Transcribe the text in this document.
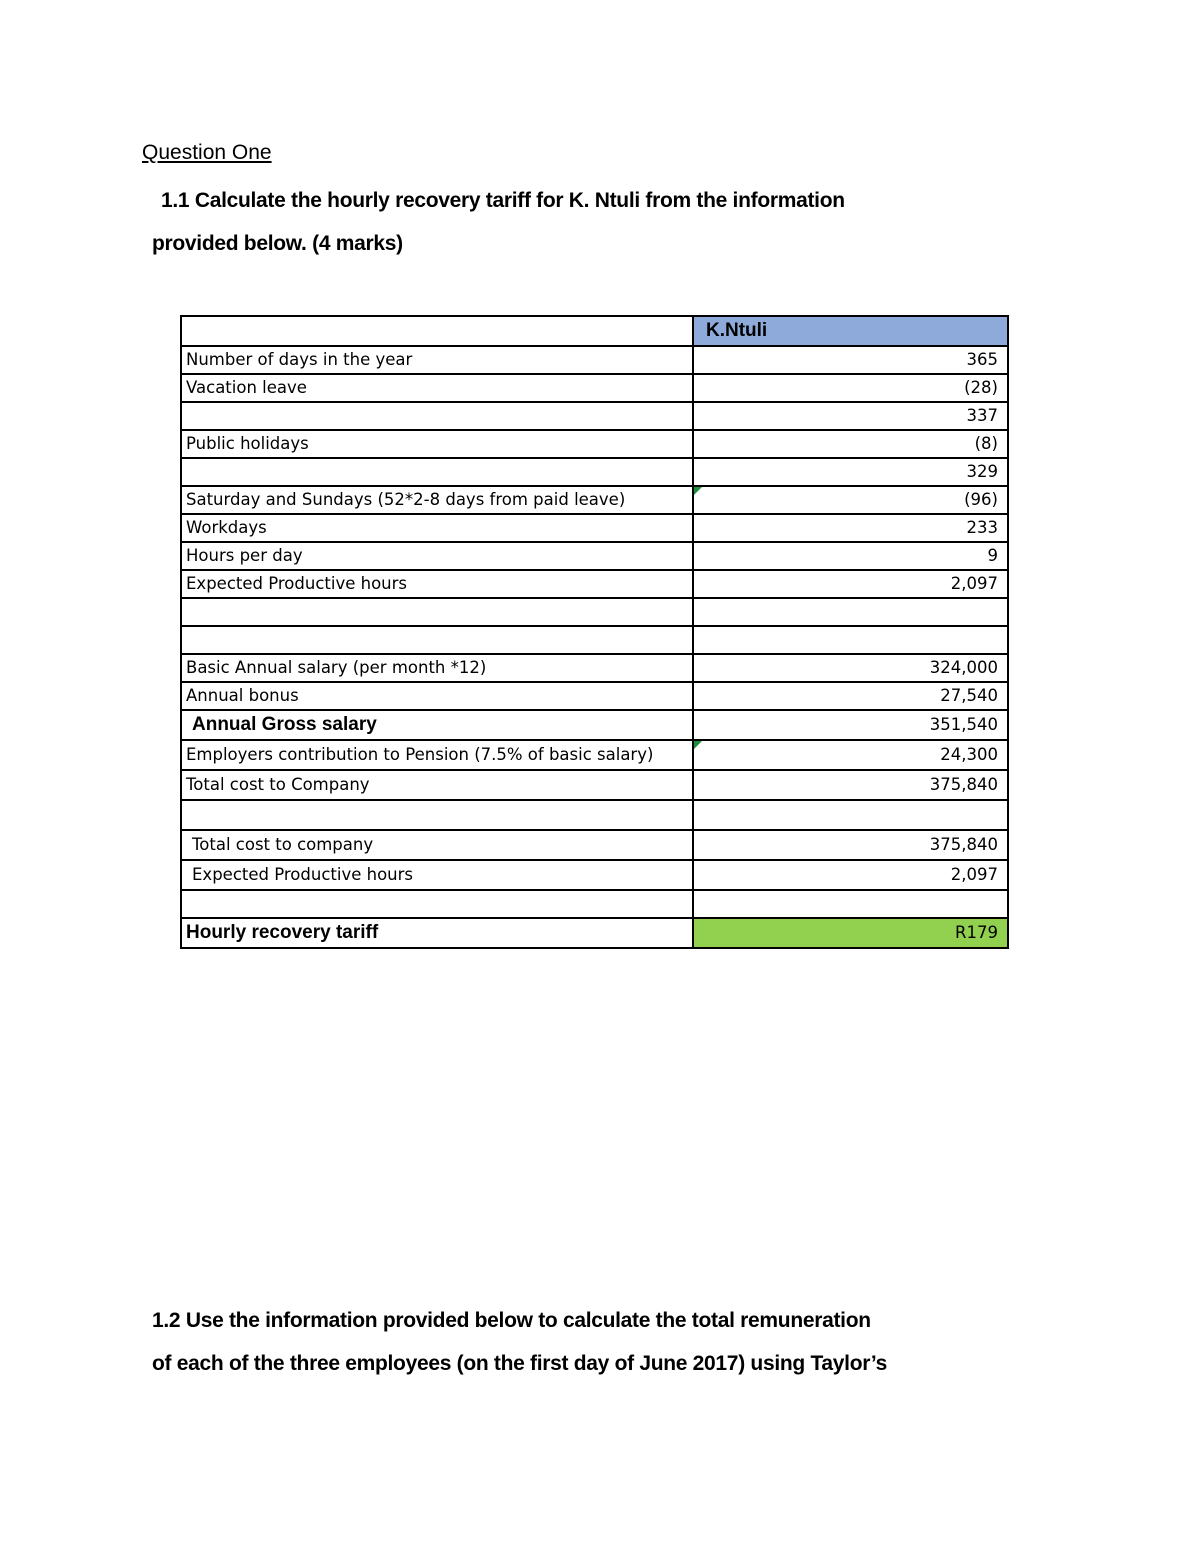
Question One
1.1 Calculate the hourly recovery tariff for K. Ntuli from the information
provided below. (4 marks)
	K.Ntuli
Number of days in the year	365
Vacation leave	(28)
	337
Public holidays	(8)
	329
Saturday and Sundays (52*2-8 days from paid leave)	(96)
Workdays	233
Hours per day	9
Expected Productive hours	2,097

Basic Annual salary (per month *12)	324,000
Annual bonus	27,540
Annual Gross salary	351,540
Employers contribution to Pension (7.5% of basic salary)	24,300
Total cost to Company	375,840

Total cost to company	375,840
Expected Productive hours	2,097

Hourly recovery tariff	R179
1.2 Use the information provided below to calculate the total remuneration
of each of the three employees (on the first day of June 2017) using Taylor’s
